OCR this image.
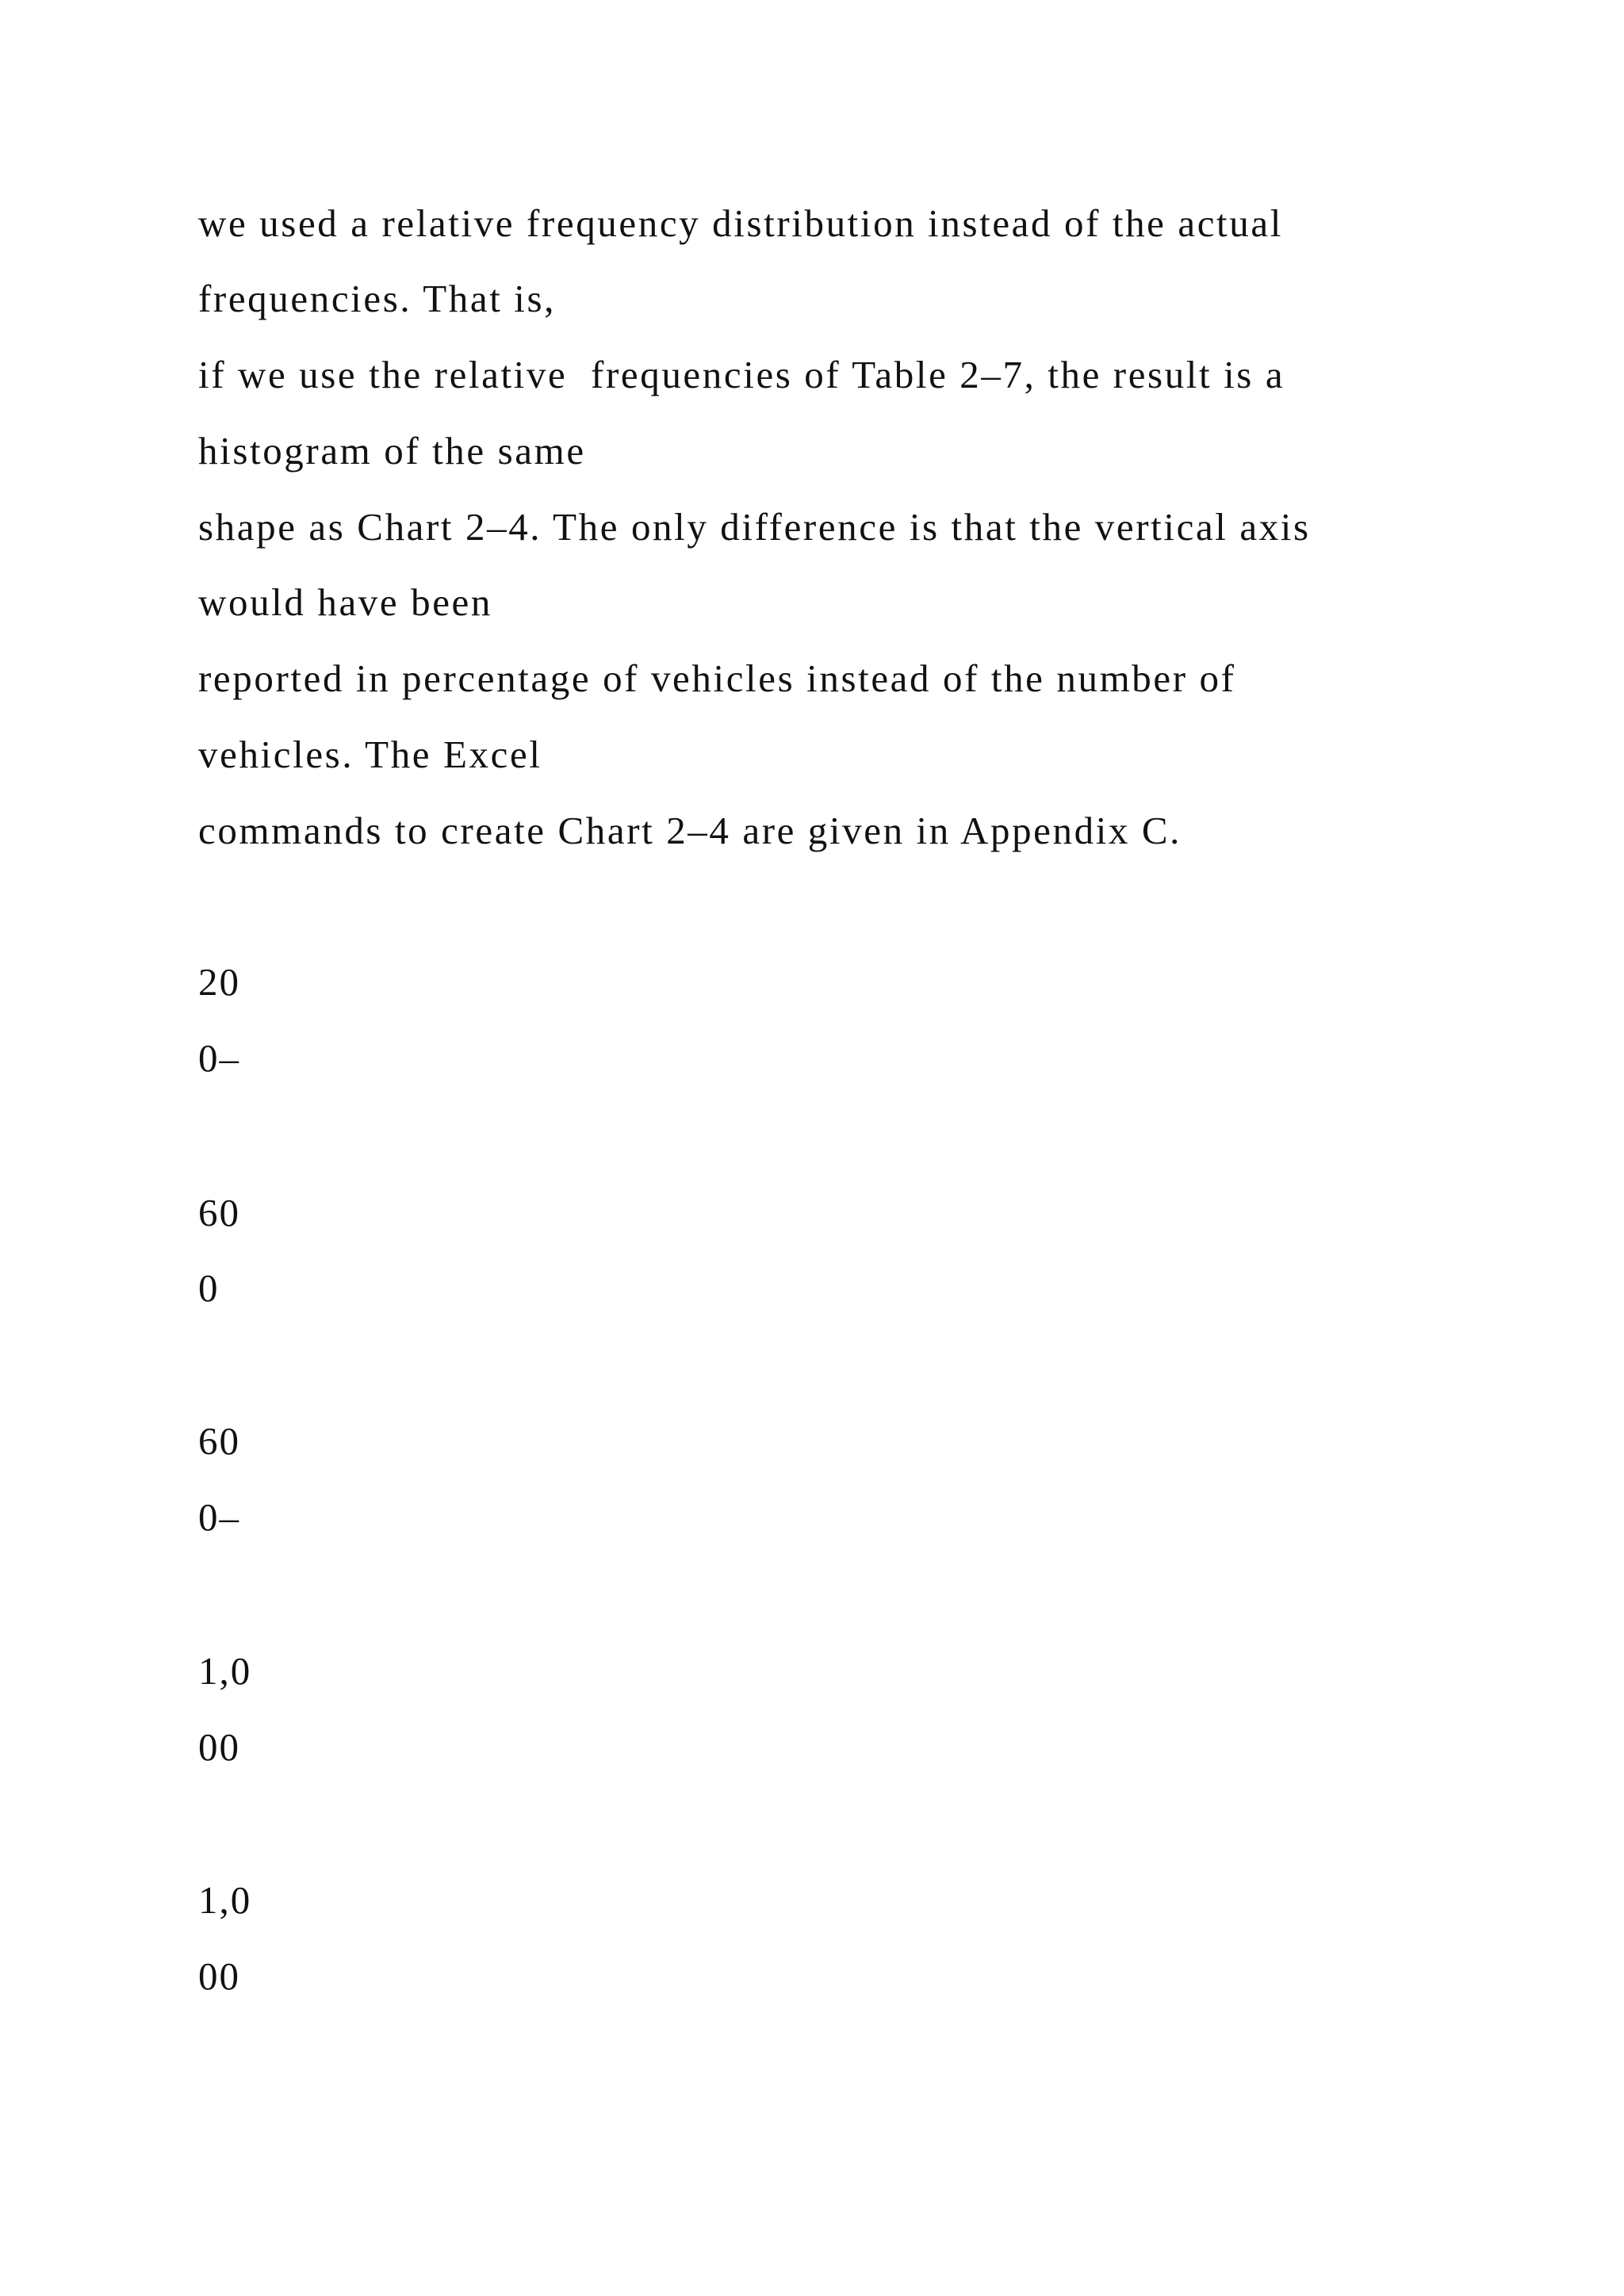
we used a relative frequency distribution instead of the actual

frequencies. That is,

if we use the relative  frequencies of Table 2–7, the result is a

histogram of the same

shape as Chart 2–4. The only difference is that the vertical axis

would have been

reported in percentage of vehicles instead of the number of

vehicles. The Excel

commands to create Chart 2–4 are given in Appendix C.

20

0–

60

0

60

0–

1,0

00

1,0

00
